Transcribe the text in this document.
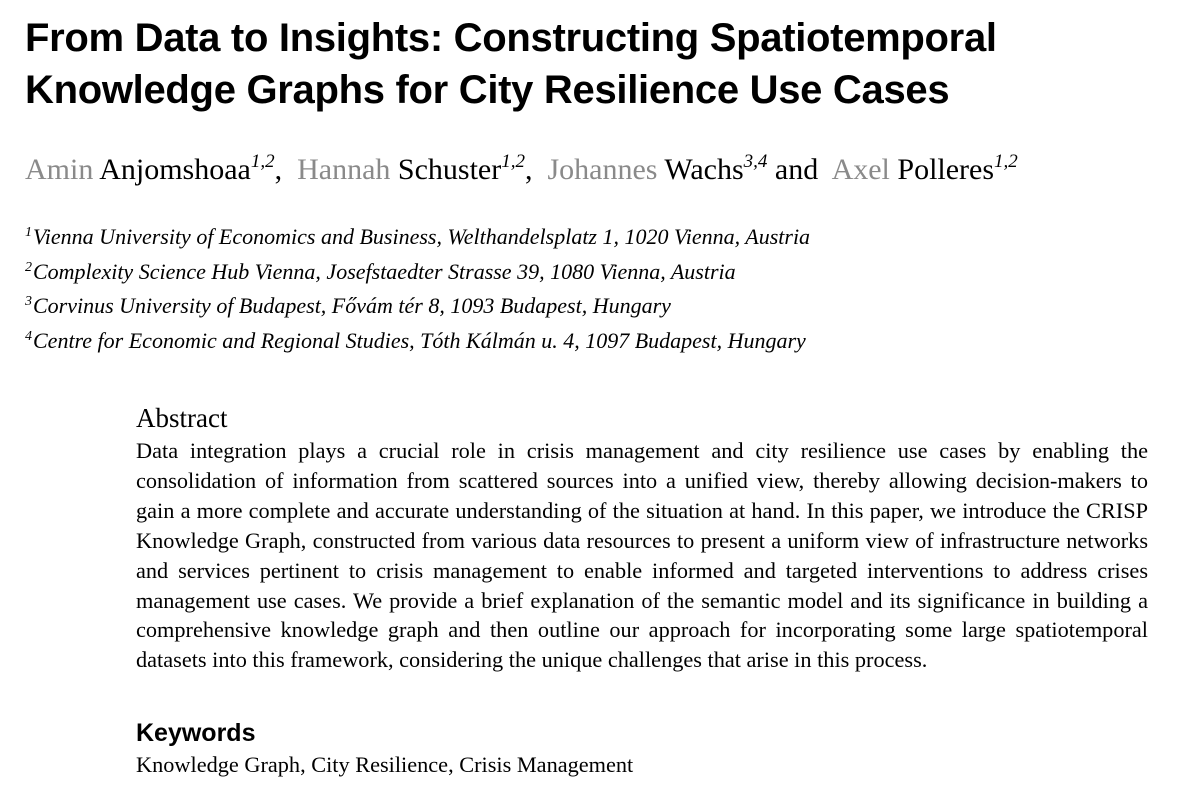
From Data to Insights: Constructing Spatiotemporal
Knowledge Graphs for City Resilience Use Cases
Amin Anjomshoaa$^{1,2}$,  Hannah Schuster$^{1,2}$,  Johannes Wachs$^{3,4}$ and  Axel Polleres$^{1,2}$
$^1$Vienna University of Economics and Business, Welthandelsplatz 1, 1020 Vienna, Austria
$^2$Complexity Science Hub Vienna, Josefstaedter Strasse 39, 1080 Vienna, Austria
$^3$Corvinus University of Budapest, Fővám tér 8, 1093 Budapest, Hungary
$^4$Centre for Economic and Regional Studies, Tóth Kálmán u. 4, 1097 Budapest, Hungary
Abstract

Data integration plays a crucial role in crisis management and city resilience use cases by enabling the consolidation of information from scattered sources into a unified view, thereby allowing decision-makers to gain a more complete and accurate understanding of the situation at hand. In this paper, we introduce the CRISP Knowledge Graph, constructed from various data resources to present a uniform view of infrastructure networks and services pertinent to crisis management to enable informed and targeted interventions to address crises management use cases. We provide a brief explanation of the semantic model and its significance in building a comprehensive knowledge graph and then outline our approach for incorporating some large spatiotemporal datasets into this framework, considering the unique challenges that arise in this process.

Keywords

Knowledge Graph, City Resilience, Crisis Management
